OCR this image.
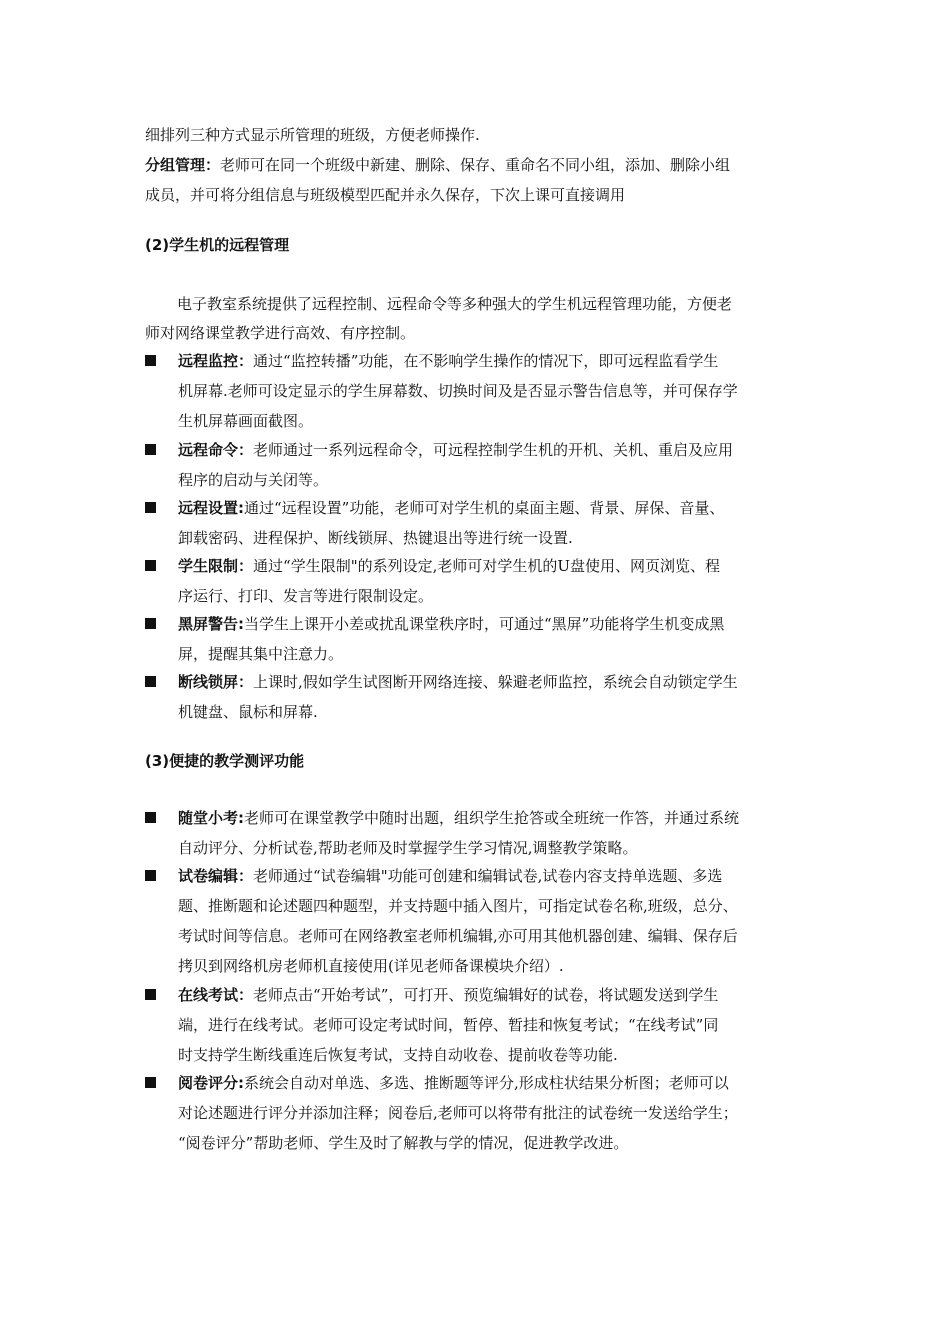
细排列三种方式显示所管理的班级，方便老师操作.
分组管理：老师可在同一个班级中新建、删除、保存、重命名不同小组，添加、删除小组
成员，并可将分组信息与班级模型匹配并永久保存，下次上课可直接调用
(2)学生机的远程管理
电子教室系统提供了远程控制、远程命令等多种强大的学生机远程管理功能，方便老
师对网络课堂教学进行高效、有序控制。
远程监控：通过“监控转播”功能，在不影响学生操作的情况下，即可远程监看学生
机屏幕.老师可设定显示的学生屏幕数、切换时间及是否显示警告信息等，并可保存学
生机屏幕画面截图。
远程命令：老师通过一系列远程命令，可远程控制学生机的开机、关机、重启及应用
程序的启动与关闭等。
远程设置:通过“远程设置”功能，老师可对学生机的桌面主题、背景、屏保、音量、
卸载密码、进程保护、断线锁屏、热键退出等进行统一设置.
学生限制：通过“学生限制"的系列设定,老师可对学生机的U盘使用、网页浏览、程
序运行、打印、发言等进行限制设定。
黑屏警告:当学生上课开小差或扰乱课堂秩序时，可通过“黑屏”功能将学生机变成黑
屏，提醒其集中注意力。
断线锁屏：上课时,假如学生试图断开网络连接、躲避老师监控，系统会自动锁定学生
机键盘、鼠标和屏幕.
(3)便捷的教学测评功能
随堂小考:老师可在课堂教学中随时出题，组织学生抢答或全班统一作答，并通过系统
自动评分、分析试卷,帮助老师及时掌握学生学习情况,调整教学策略。
试卷编辑：老师通过“试卷编辑"功能可创建和编辑试卷,试卷内容支持单选题、多选
题、推断题和论述题四种题型，并支持题中插入图片，可指定试卷名称,班级，总分、
考试时间等信息。老师可在网络教室老师机编辑,亦可用其他机器创建、编辑、保存后
拷贝到网络机房老师机直接使用(详见老师备课模块介绍）.
在线考试：老师点击“开始考试”，可打开、预览编辑好的试卷，将试题发送到学生
端，进行在线考试。老师可设定考试时间，暂停、暂挂和恢复考试；“在线考试”同
时支持学生断线重连后恢复考试，支持自动收卷、提前收卷等功能.
阅卷评分:系统会自动对单选、多选、推断题等评分,形成柱状结果分析图；老师可以
对论述题进行评分并添加注释；阅卷后,老师可以将带有批注的试卷统一发送给学生；
“阅卷评分”帮助老师、学生及时了解教与学的情况，促进教学改进。
